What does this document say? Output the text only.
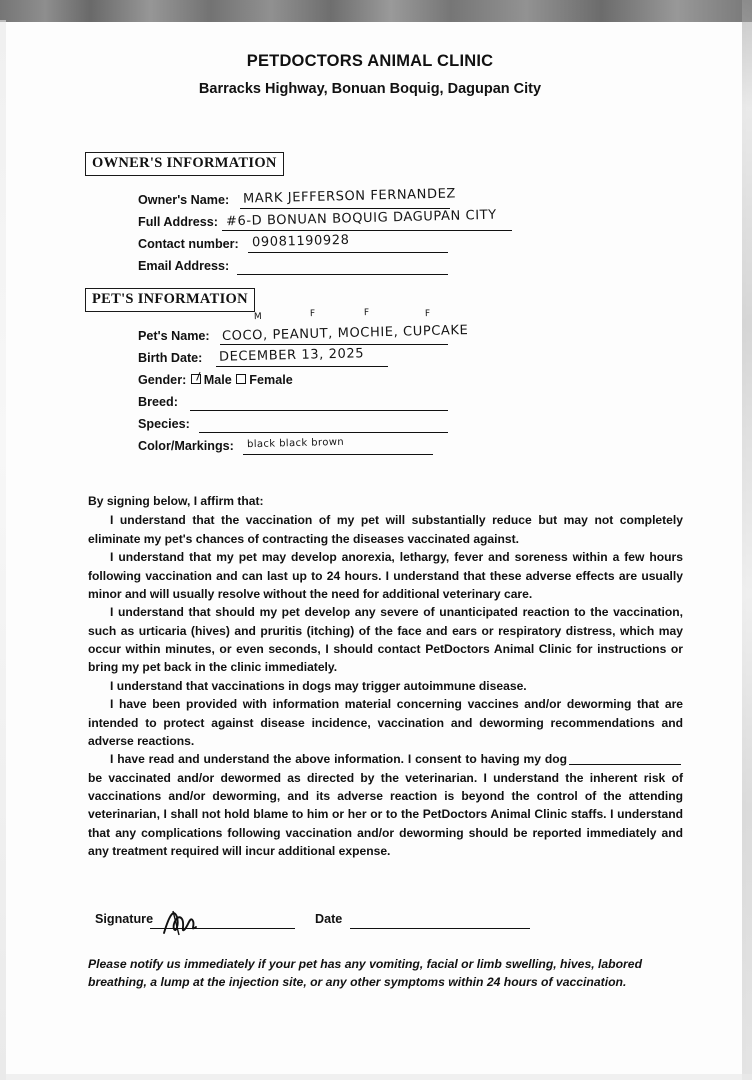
PETDOCTORS ANIMAL CLINIC
Barracks Highway, Bonuan Boquig, Dagupan City
OWNER'S INFORMATION
Owner's Name: MARK JEFFERSON FERNANDEZ
Full Address: #6-D BONUAN BOQUIG DAGUPAN CITY
Contact number: 09081190928
Email Address:
PET'S INFORMATION
Pet's Name: COCO, PEANUT, MOCHIE, CUPCAKE
M	F	F	F
Birth Date: DECEMBER 13, 2025
Gender: Male Female
Breed:
Species:
Color/Markings: black black brown

By signing below, I affirm that:

I understand that the vaccination of my pet will substantially reduce but may not completely eliminate my pet's chances of contracting the diseases vaccinated against.

I understand that my pet may develop anorexia, lethargy, fever and soreness within a few hours following vaccination and can last up to 24 hours. I understand that these adverse effects are usually minor and will usually resolve without the need for additional veterinary care.

I understand that should my pet develop any severe of unanticipated reaction to the vaccination, such as urticaria (hives) and pruritis (itching) of the face and ears or respiratory distress, which may occur within minutes, or even seconds, I should contact PetDoctors Animal Clinic for instructions or bring my pet back in the clinic immediately.

I understand that vaccinations in dogs may trigger autoimmune disease.

I have been provided with information material concerning vaccines and/or deworming that are intended to protect against disease incidence, vaccination and deworming recommendations and adverse reactions.

I have read and understand the above information. I consent to having my dogbe vaccinated and/or dewormed as directed by the veterinarian. I understand the inherent risk of vaccinations and/or deworming, and its adverse reaction is beyond the control of the attending veterinarian, I shall not hold blame to him or her or to the PetDoctors Animal Clinic staffs. I understand that any complications following vaccination and/or deworming should be reported immediately and any treatment required will incur additional expense.

Signature	Date
Please notify us immediately if your pet has any vomiting, facial or limb swelling, hives, labored breathing, a lump at the injection site, or any other symptoms within 24 hours of vaccination.
